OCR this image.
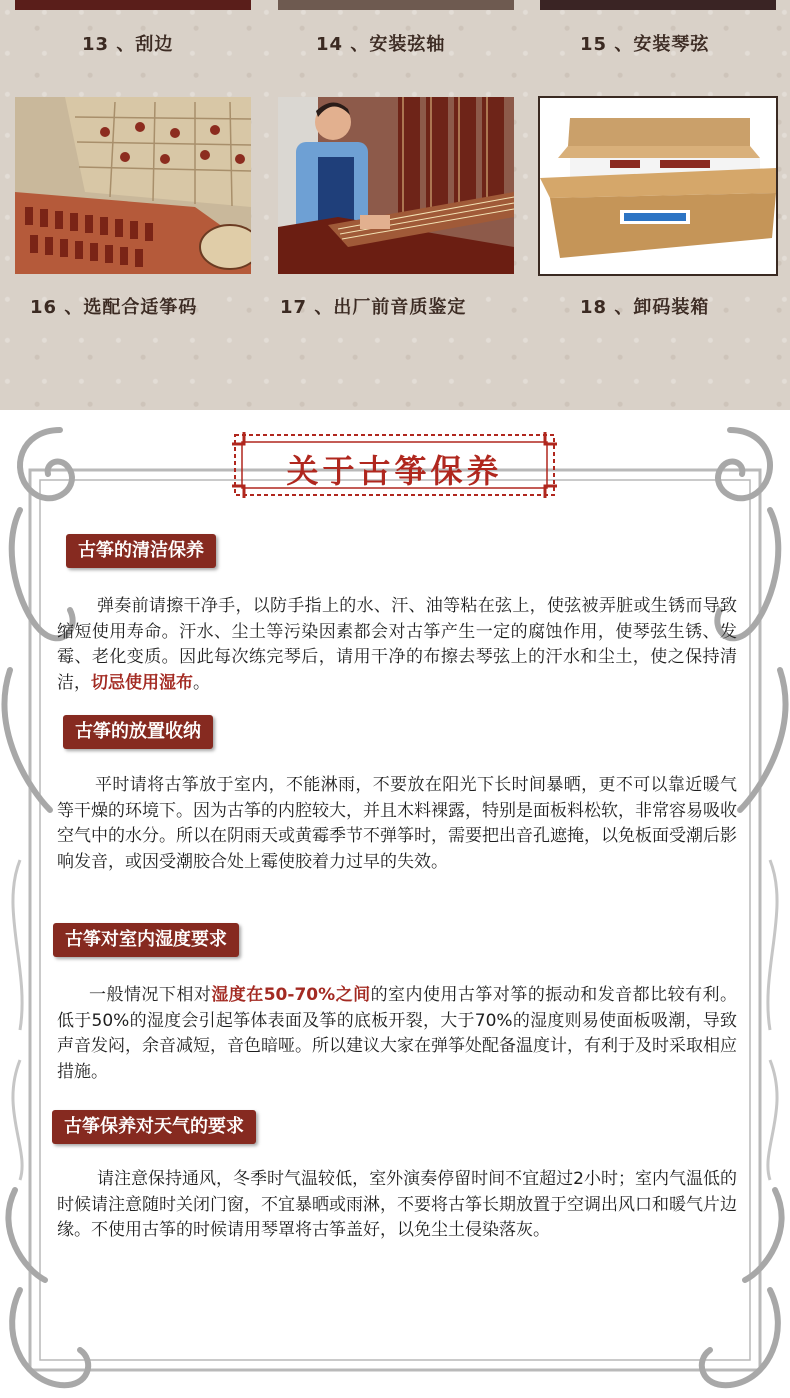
13 、刮边	14 、安装弦轴	15 、安装琴弦
16 、选配合适筝码	17 、出厂前音质鉴定	18 、卸码装箱
关于古筝保养
古筝的清洁保养
弹奏前请擦干净手，以防手指上的水、汗、油等粘在弦上，使弦被弄脏或生锈而导致缩短使用寿命。汗水、尘土等污染因素都会对古筝产生一定的腐蚀作用，使琴弦生锈、发霉、老化变质。因此每次练完琴后，请用干净的布擦去琴弦上的汗水和尘土，使之保持清洁，切忌使用湿布。
古筝的放置收纳
平时请将古筝放于室内，不能淋雨，不要放在阳光下长时间暴晒，更不可以靠近暖气等干燥的环境下。因为古筝的内腔较大，并且木料裸露，特别是面板料松软，非常容易吸收空气中的水分。所以在阴雨天或黄霉季节不弹筝时，需要把出音孔遮掩，以免板面受潮后影响发音，或因受潮胶合处上霉使胶着力过早的失效。
古筝对室内湿度要求
一般情况下相对湿度在50-70%之间的室内使用古筝对筝的振动和发音都比较有利。低于50%的湿度会引起筝体表面及筝的底板开裂，大于70%的湿度则易使面板吸潮，导致声音发闷，余音减短，音色暗哑。所以建议大家在弹筝处配备温度计，有利于及时采取相应措施。
古筝保养对天气的要求
请注意保持通风，冬季时气温较低，室外演奏停留时间不宜超过2小时；室内气温低的时候请注意随时关闭门窗，不宜暴晒或雨淋，不要将古筝长期放置于空调出风口和暖气片边缘。不使用古筝的时候请用琴罩将古筝盖好，以免尘土侵染落灰。
